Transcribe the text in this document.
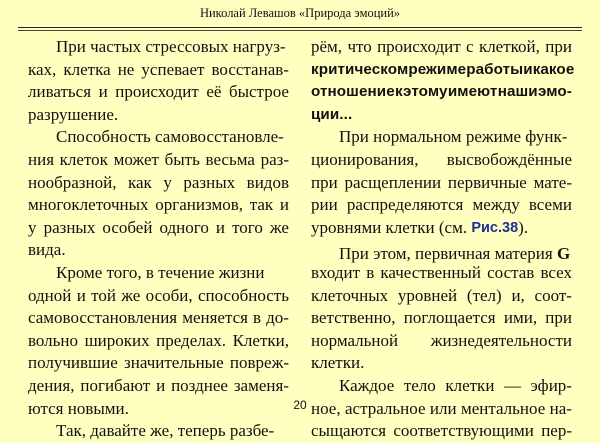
Николай Левашов «Природа эмоций»
При частых стрессовых нагруз-
ках, клетка не успевает восстанав-
ливаться и происходит её быстрое
разрушение.
Способность самовосстановле-
ния клеток может быть весьма раз-
нообразной, как у разных видов
многоклеточных организмов, так и
у разных особей одного и того же
вида.
Кроме того, в течение жизни
одной и той же особи, способность
самовосстановления меняется в до-
вольно широких пределах. Клетки,
получившие значительные повреж-
дения, погибают и позднее заменя-
ются новыми.
Так, давайте же, теперь разбе-
рём, что происходит с клеткой, при
критическом режиме работы и какое
отношение к этому имеют наши эмо-
ции...
При нормальном режиме функ-
ционирования, высвобождённые
при расщеплении первичные мате-
рии распределяются между всеми
уровнями клетки (см.
Рис.38 ).
При этом, первичная материя
G
входит в качественный состав всех
клеточных уровней (тел) и, соот-
ветственно, поглощается ими, при
нормальной жизнедеятельности
клетки.
Каждое тело клетки — эфир-
ное, астральное или ментальное на-
сыщаются соответствующими пер-
20
